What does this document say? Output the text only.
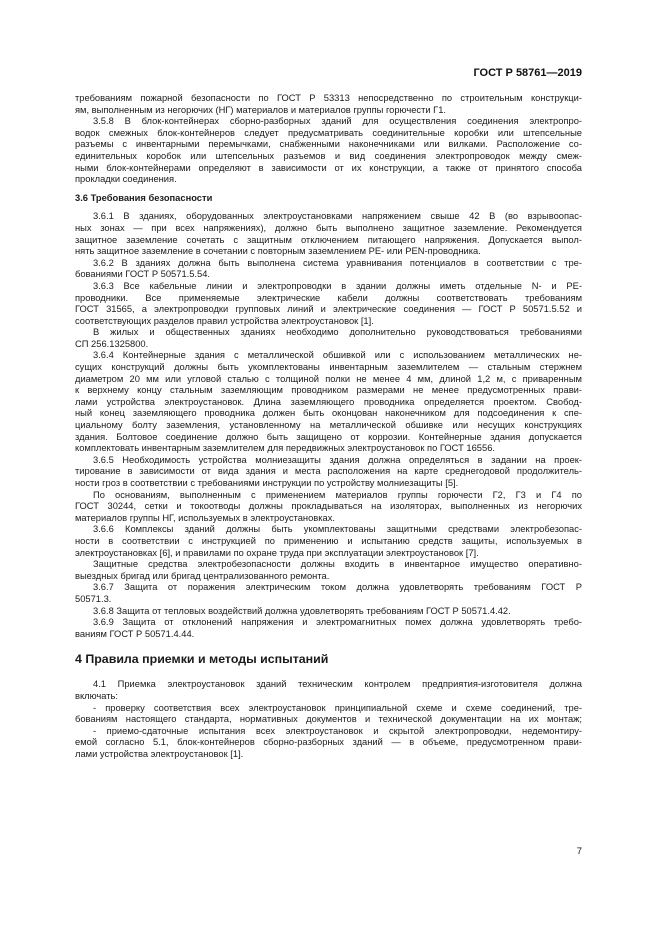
ГОСТ Р 58761—2019
требованиям пожарной безопасности по ГОСТ Р 53313 непосредственно по строительным конструкци-
ям, выполненным из негорючих (НГ) материалов и материалов группы горючести Г1.
3.5.8 В блок-контейнерах сборно-разборных зданий для осуществления соединения электропро-
водок смежных блок-контейнеров следует предусматривать соединительные коробки или штепсельные
разъемы с инвентарными перемычками, снабженными наконечниками или вилками. Расположение со-
единительных коробок или штепсельных разъемов и вид соединения электропроводок между смеж-
ными блок-контейнерами определяют в зависимости от их конструкции, а также от принятого способа
прокладки соединения.
3.6 Требования безопасности
3.6.1 В зданиях, оборудованных электроустановками напряжением свыше 42 В (во взрывоопас-
ных зонах — при всех напряжениях), должно быть выполнено защитное заземление. Рекомендуется
защитное заземление сочетать с защитным отключением питающего напряжения. Допускается выпол-
нять защитное заземление в сочетании с повторным заземлением PE- или PEN-проводника.
3.6.2 В зданиях должна быть выполнена система уравнивания потенциалов в соответствии с тре-
бованиями ГОСТ Р 50571.5.54.
3.6.3 Все кабельные линии и электропроводки в здании должны иметь отдельные N- и PE-
проводники. Все применяемые электрические кабели должны соответствовать требованиям
ГОСТ 31565, а электропроводки групповых линий и электрические соединения — ГОСТ Р 50571.5.52 и
соответствующих разделов правил устройства электроустановок [1].
В жилых и общественных зданиях необходимо дополнительно руководствоваться требованиями
СП 256.1325800.
3.6.4 Контейнерные здания с металлической обшивкой или с использованием металлических не-
сущих конструкций должны быть укомплектованы инвентарным заземлителем — стальным стержнем
диаметром 20 мм или угловой сталью с толщиной полки не менее 4 мм, длиной 1,2 м, с приваренным
к верхнему концу стальным заземляющим проводником размерами не менее предусмотренных прави-
лами устройства электроустановок. Длина заземляющего проводника определяется проектом. Свобод-
ный конец заземляющего проводника должен быть оконцован наконечником для подсоединения к спе-
циальному болту заземления, установленному на металлической обшивке или несущих конструкциях
здания. Болтовое соединение должно быть защищено от коррозии. Контейнерные здания допускается
комплектовать инвентарным заземлителем для передвижных электроустановок по ГОСТ 16556.
3.6.5 Необходимость устройства молниезащиты здания должна определяться в задании на проек-
тирование в зависимости от вида здания и места расположения на карте среднегодовой продолжитель-
ности гроз в соответствии с требованиями инструкции по устройству молниезащиты [5].
По основаниям, выполненным с применением материалов группы горючести Г2, Г3 и Г4 по
ГОСТ 30244, сетки и токоотводы должны прокладываться на изоляторах, выполненных из негорючих
материалов группы НГ, используемых в электроустановках.
3.6.6 Комплексы зданий должны быть укомплектованы защитными средствами электробезопас-
ности в соответствии с инструкцией по применению и испытанию средств защиты, используемых в
электроустановках [6], и правилами по охране труда при эксплуатации электроустановок [7].
Защитные средства электробезопасности должны входить в инвентарное имущество оперативно-
выездных бригад или бригад централизованного ремонта.
3.6.7 Защита от поражения электрическим током должна удовлетворять требованиям ГОСТ Р
50571.3.
3.6.8 Защита от тепловых воздействий должна удовлетворять требованиям ГОСТ Р 50571.4.42.
3.6.9 Защита от отклонений напряжения и электромагнитных помех должна удовлетворять требо-
ваниям ГОСТ Р 50571.4.44.
4 Правила приемки и методы испытаний
4.1 Приемка электроустановок зданий техническим контролем предприятия-изготовителя должна
включать:
- проверку соответствия всех электроустановок принципиальной схеме и схеме соединений, тре-
бованиям настоящего стандарта, нормативных документов и технической документации на их монтаж;
- приемо-сдаточные испытания всех электроустановок и скрытой электропроводки, недемонтиру-
емой согласно 5.1, блок-контейнеров сборно-разборных зданий — в объеме, предусмотренном прави-
лами устройства электроустановок [1].
7
